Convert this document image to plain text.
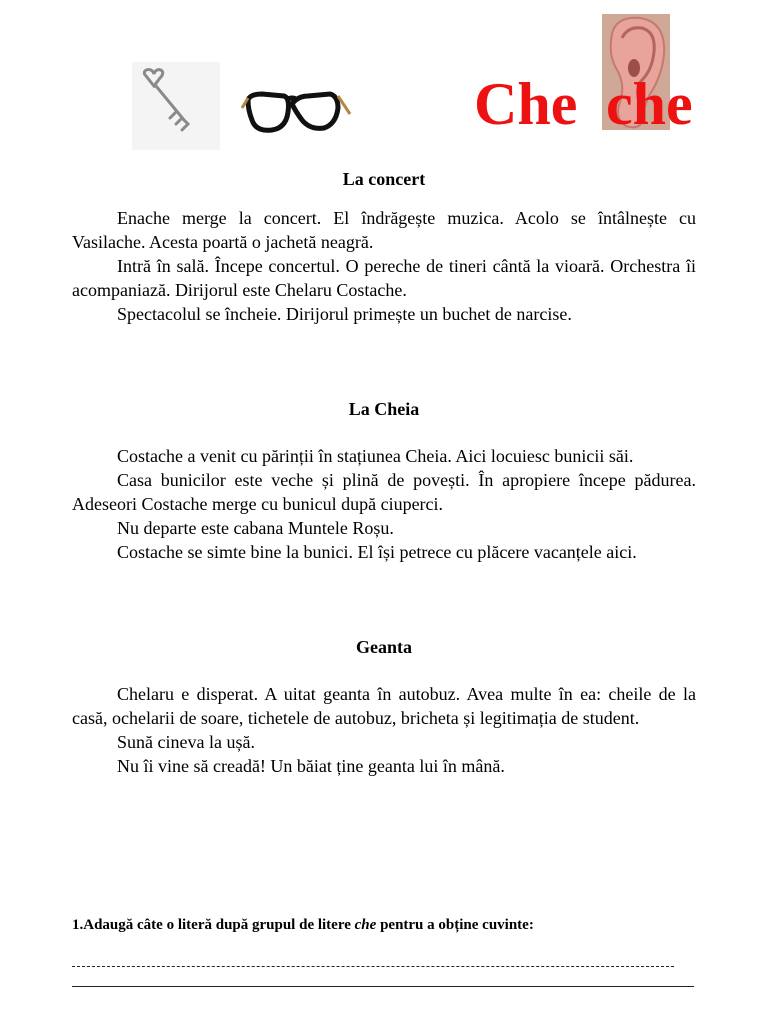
Che che
La concert

Enache merge la concert. El îndrăgește muzica. Acolo se întâlnește cu Vasilache. Acesta poartă o jachetă neagră.

Intră în sală. Începe concertul. O pereche de tineri cântă la vioară. Orchestra îi acompaniază. Dirijorul este Chelaru Costache.

Spectacolul se încheie. Dirijorul primește un buchet de narcise.

La Cheia

Costache a venit cu părinții în stațiunea Cheia. Aici locuiesc bunicii săi.

Casa bunicilor este veche și plină de povești. În apropiere începe pădurea. Adeseori Costache merge cu bunicul după ciuperci.

Nu departe este cabana Muntele Roșu.

Costache se simte bine la bunici. El își petrece cu plăcere vacanțele aici.

Geanta

Chelaru e disperat. A uitat geanta în autobuz. Avea multe în ea: cheile de la casă, ochelarii de soare, tichetele de autobuz, bricheta și legitimația de student.

Sună cineva la ușă.

Nu îi vine să creadă! Un băiat ține geanta lui în mână.

1.Adaugă câte o literă după grupul de litere che pentru a obține cuvinte:
